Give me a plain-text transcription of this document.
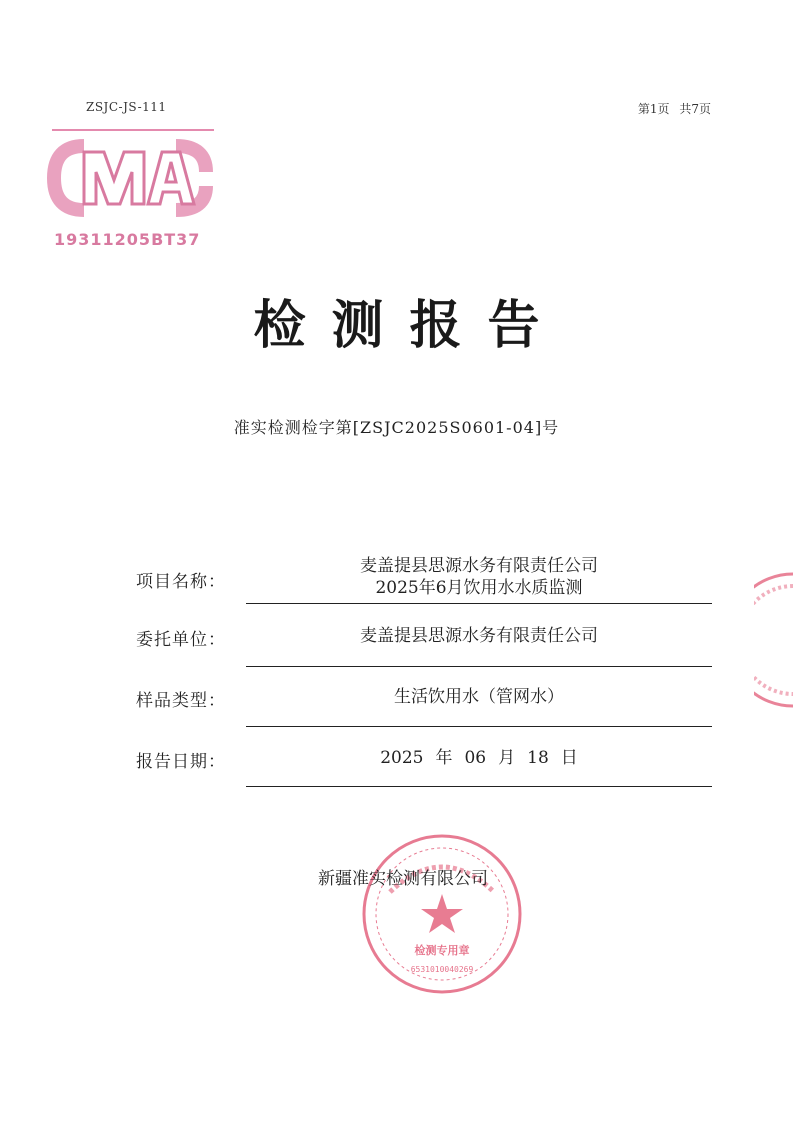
ZSJC-JS-111	第1页 共7页
19311205BT37
检测报告
准实检测检字第[ZSJC2025S0601-04]号
项目名称：
麦盖提县思源水务有限责任公司
2025年6月饮用水水质监测
委托单位：	麦盖提县思源水务有限责任公司
样品类型：	生活饮用水（管网水）
报告日期：	2025 年 06 月 18 日
新疆准实检测有限公司
检测专用章
6531010040269
